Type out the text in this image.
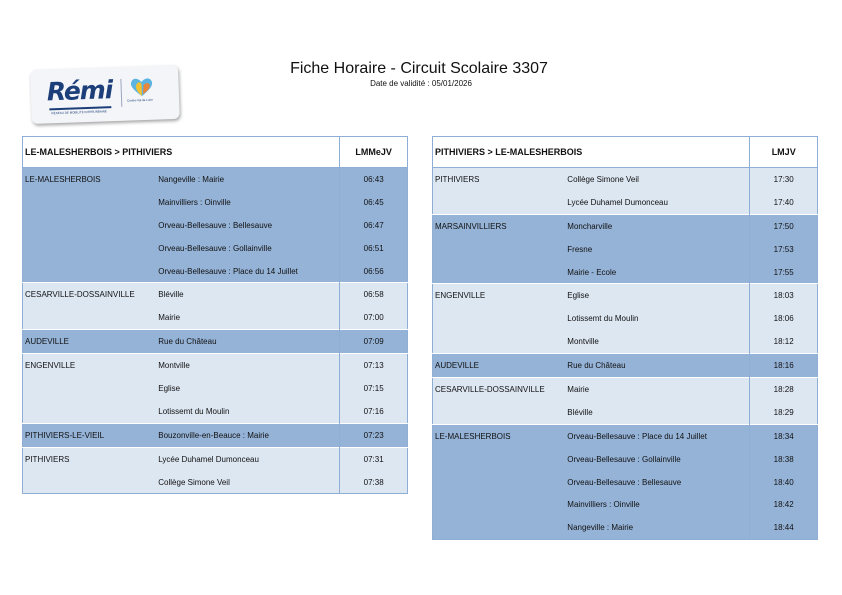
Fiche Horaire - Circuit Scolaire 3307
Date de validité : 05/01/2026
Rémi
RÉSEAU DE MOBILITÉ INTERURBAINE
Centre-Val de Loire
LE-MALESHERBOIS > PITHIVIERS		LMMeJV
LE-MALESHERBOIS	Nangeville : Mairie	06:43
	Mainvilliers : Oinville	06:45
	Orveau-Bellesauve : Bellesauve	06:47
	Orveau-Bellesauve : Gollainville	06:51
	Orveau-Bellesauve : Place du 14 Juillet	06:56
CESARVILLE-DOSSAINVILLE	Bléville	06:58
	Mairie	07:00
AUDEVILLE	Rue du Château	07:09
ENGENVILLE	Montville	07:13
	Eglise	07:15
	Lotissemt du Moulin	07:16
PITHIVIERS-LE-VIEIL	Bouzonville-en-Beauce : Mairie	07:23
PITHIVIERS	Lycée Duhamel Dumonceau	07:31
	Collège Simone Veil	07:38
PITHIVIERS > LE-MALESHERBOIS		LMJV
PITHIVIERS	Collège Simone Veil	17:30
	Lycée Duhamel Dumonceau	17:40
MARSAINVILLIERS	Moncharville	17:50
	Fresne	17:53
	Mairie - Ecole	17:55
ENGENVILLE	Eglise	18:03
	Lotissemt du Moulin	18:06
	Montville	18:12
AUDEVILLE	Rue du Château	18:16
CESARVILLE-DOSSAINVILLE	Mairie	18:28
	Bléville	18:29
LE-MALESHERBOIS	Orveau-Bellesauve : Place du 14 Juillet	18:34
	Orveau-Bellesauve : Gollainville	18:38
	Orveau-Bellesauve : Bellesauve	18:40
	Mainvilliers : Oinville	18:42
	Nangeville : Mairie	18:44
